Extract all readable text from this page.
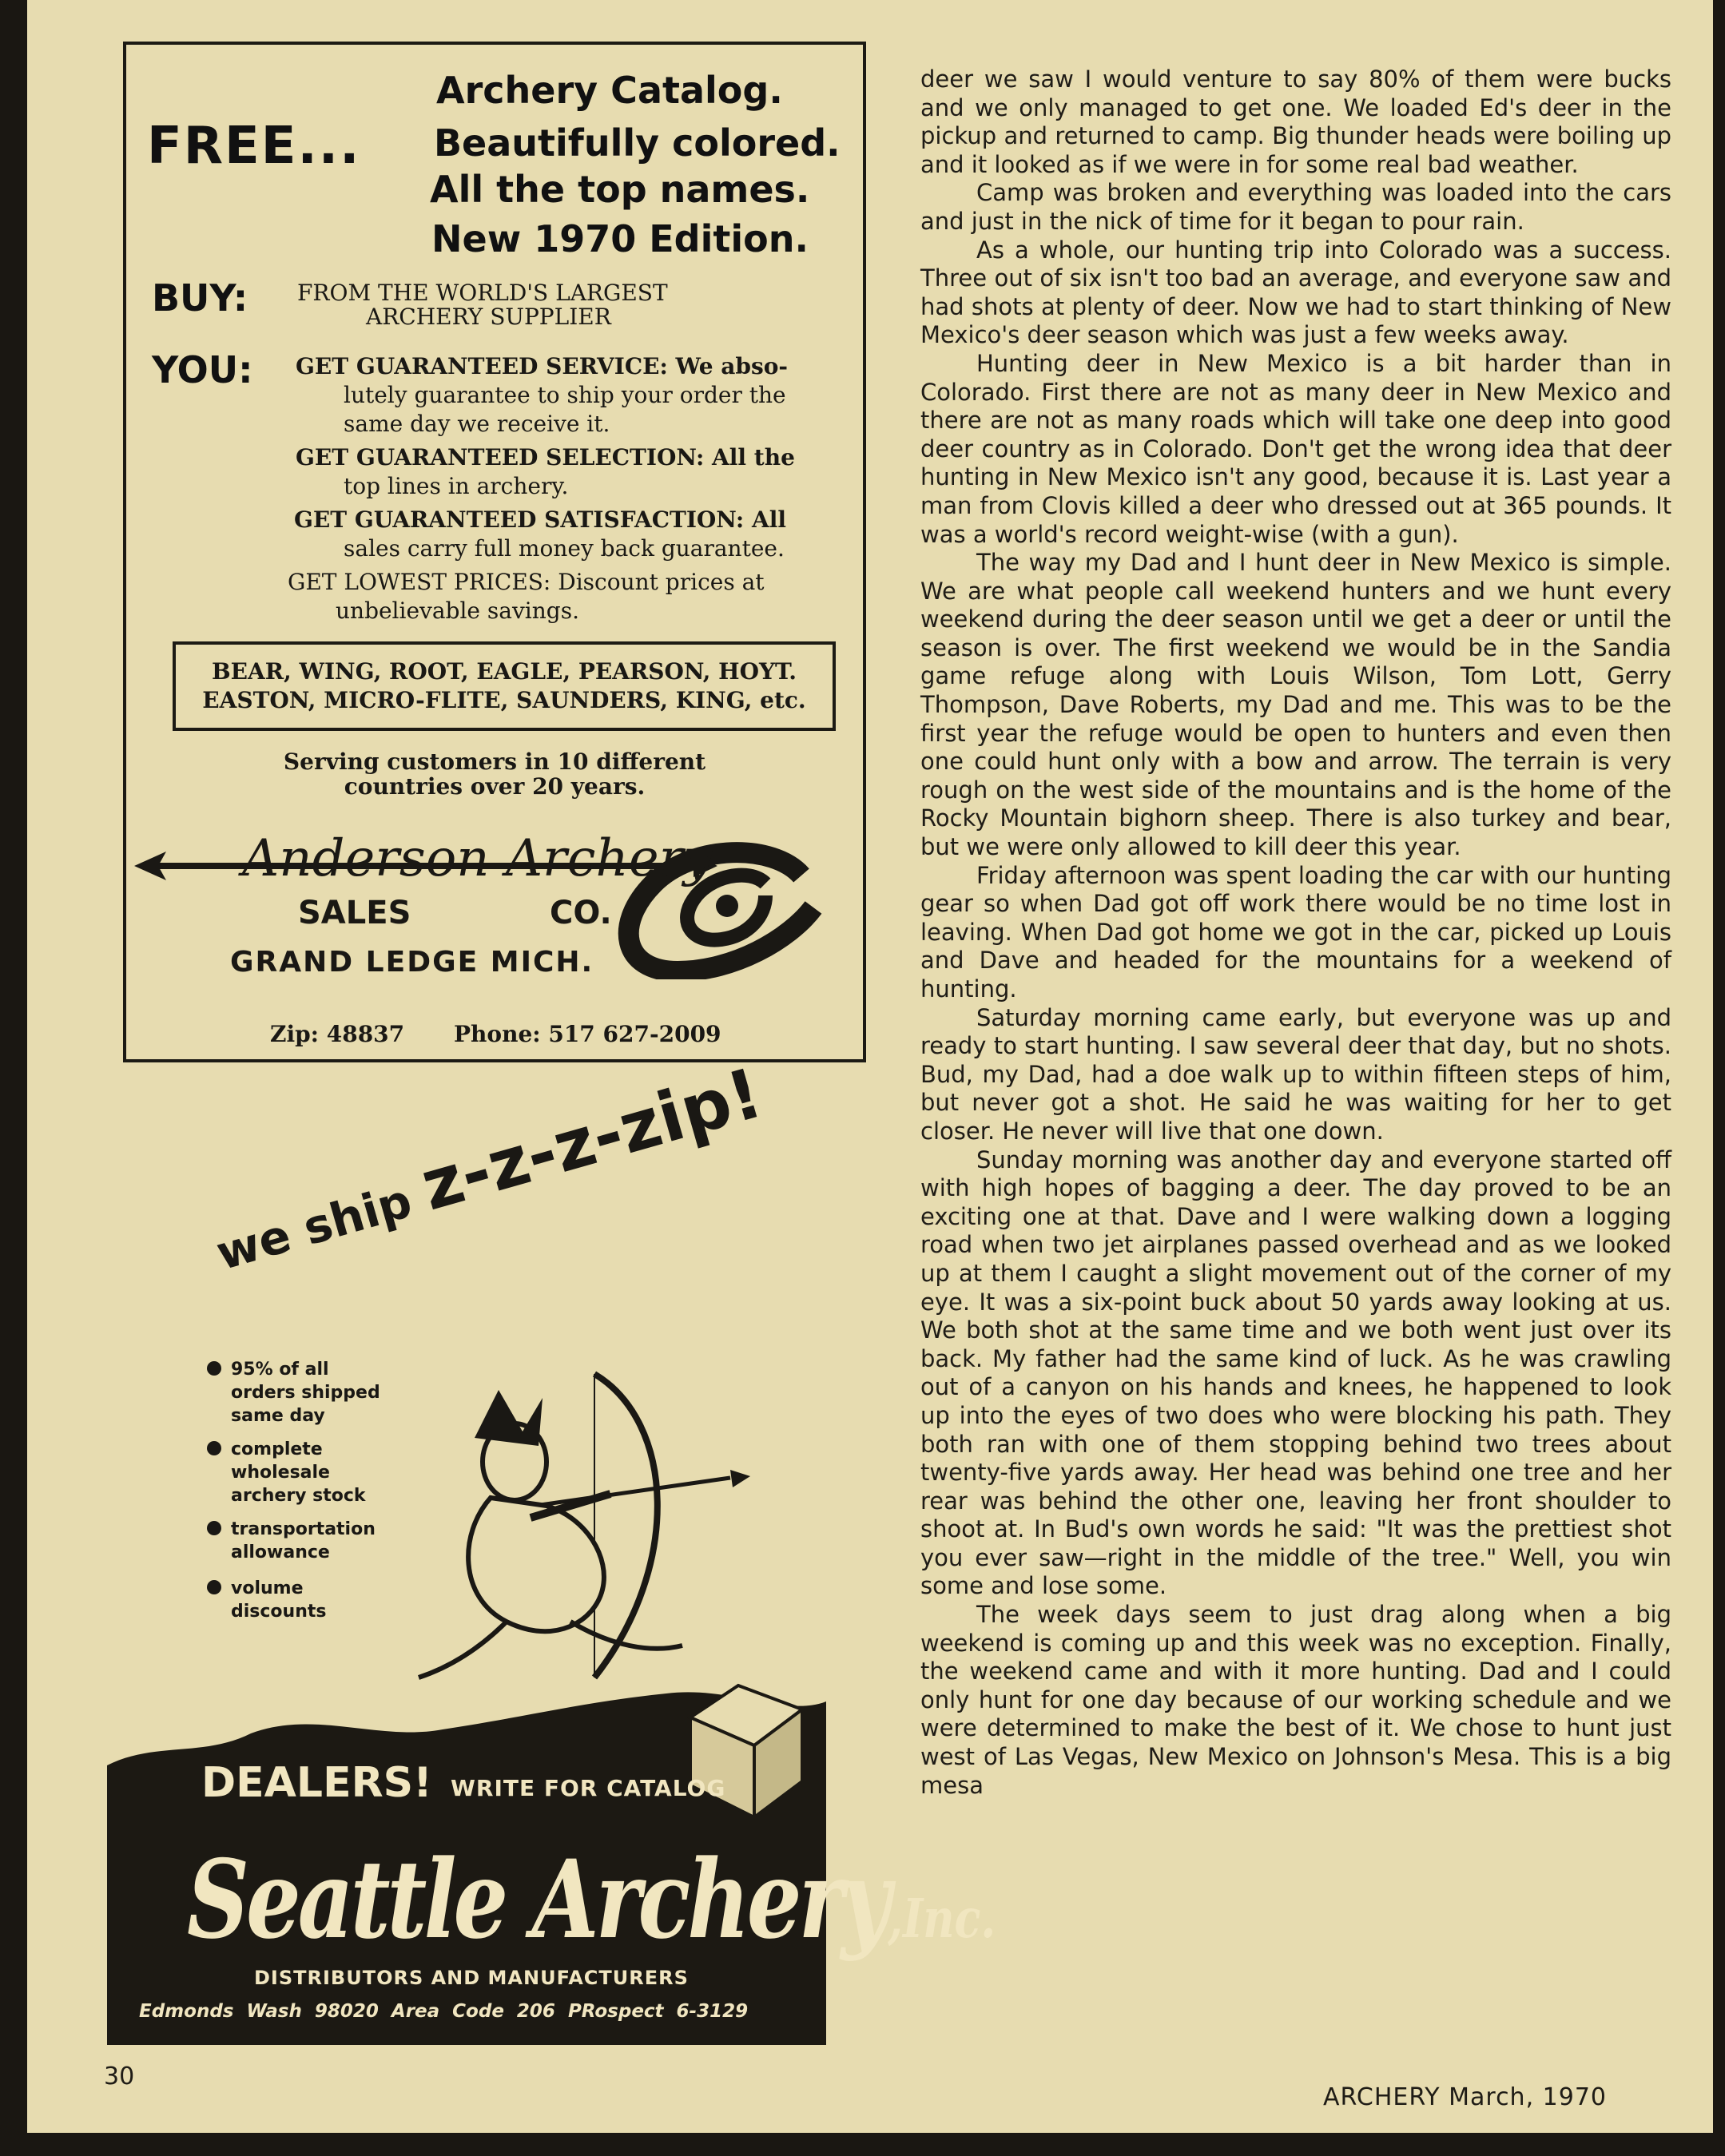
FREE...
Archery Catalog.
Beautifully colored.
All the top names.
New 1970 Edition.
BUY: FROM THE WORLD'S LARGEST
ARCHERY SUPPLIER
YOU: GET GUARANTEED SERVICE: We abso-
lutely guarantee to ship your order the
same day we receive it.
GET GUARANTEED SELECTION: All the
top lines in archery.
GET GUARANTEED SATISFACTION: All
sales carry full money back guarantee.
GET LOWEST PRICES: Discount prices at
unbelievable savings.
BEAR, WING, ROOT, EAGLE, PEARSON, HOYT.
EASTON, MICRO-FLITE, SAUNDERS, KING, etc.
Serving customers in 10 different
countries over 20 years.
Anderson Archery
SALES	CO.
GRAND LEDGE MICH.
Zip: 48837 Phone: 517 627-2009
we ship z-z-z-zip!
95% of all
orders shipped
same day
complete
wholesale
archery stock
transportation
allowance
volume
discounts
DEALERS! WRITE FOR CATALOG
Seattle Archery,Inc.
DISTRIBUTORS AND MANUFACTURERS
Edmonds Wash 98020 Area Code 206 PRospect 6-3129

deer we saw I would venture to say 80% of them were bucks and we only managed to get one. We loaded Ed's deer in the pickup and returned to camp. Big thunder heads were boiling up and it looked as if we were in for some real bad weather.

Camp was broken and everything was loaded into the cars and just in the nick of time for it began to pour rain.

As a whole, our hunting trip into Colorado was a success. Three out of six isn't too bad an average, and everyone saw and had shots at plenty of deer. Now we had to start thinking of New Mexico's deer season which was just a few weeks away.

Hunting deer in New Mexico is a bit harder than in Colorado. First there are not as many deer in New Mexico and there are not as many roads which will take one deep into good deer country as in Colorado. Don't get the wrong idea that deer hunting in New Mexico isn't any good, because it is. Last year a man from Clovis killed a deer who dressed out at 365 pounds. It was a world's record weight-wise (with a gun).

The way my Dad and I hunt deer in New Mexico is simple. We are what people call weekend hunters and we hunt every weekend during the deer season until we get a deer or until the season is over. The first weekend we would be in the Sandia game refuge along with Louis Wilson, Tom Lott, Gerry Thompson, Dave Roberts, my Dad and me. This was to be the first year the refuge would be open to hunters and even then one could hunt only with a bow and arrow. The terrain is very rough on the west side of the mountains and is the home of the Rocky Mountain bighorn sheep. There is also turkey and bear, but we were only allowed to kill deer this year.

Friday afternoon was spent loading the car with our hunting gear so when Dad got off work there would be no time lost in leaving. When Dad got home we got in the car, picked up Louis and Dave and headed for the mountains for a weekend of hunting.

Saturday morning came early, but everyone was up and ready to start hunting. I saw several deer that day, but no shots. Bud, my Dad, had a doe walk up to within fifteen steps of him, but never got a shot. He said he was waiting for her to get closer. He never will live that one down.

Sunday morning was another day and everyone started off with high hopes of bagging a deer. The day proved to be an exciting one at that. Dave and I were walking down a logging road when two jet airplanes passed overhead and as we looked up at them I caught a slight movement out of the corner of my eye. It was a six-point buck about 50 yards away looking at us. We both shot at the same time and we both went just over its back. My father had the same kind of luck. As he was crawling out of a canyon on his hands and knees, he happened to look up into the eyes of two does who were blocking his path. They both ran with one of them stopping behind two trees about twenty-five yards away. Her head was behind one tree and her rear was behind the other one, leaving her front shoulder to shoot at. In Bud's own words he said: "It was the prettiest shot you ever saw—right in the middle of the tree." Well, you win some and lose some.

The week days seem to just drag along when a big weekend is coming up and this week was no exception. Finally, the weekend came and with it more hunting. Dad and I could only hunt for one day because of our working schedule and we were determined to make the best of it. We chose to hunt just west of Las Vegas, New Mexico on Johnson's Mesa. This is a big mesa

30
ARCHERY March, 1970
